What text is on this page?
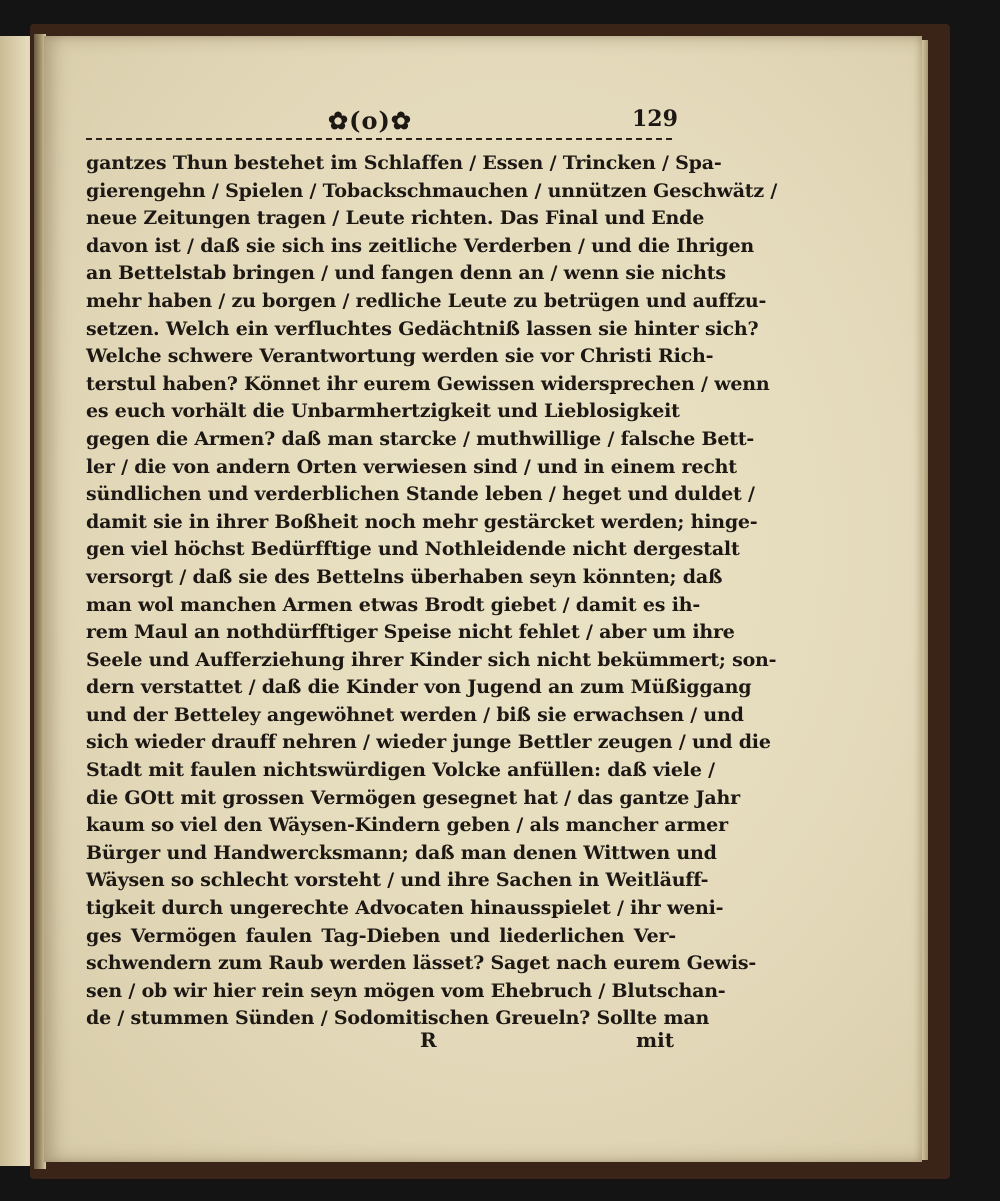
✿(o)✿	129
gantzes Thun bestehet im Schlaffen / Essen / Trincken / Spa-
gierengehn / Spielen / Tobackschmauchen / unnützen Geschwätz /
neue Zeitungen tragen / Leute richten. Das Final und Ende
davon ist / daß sie sich ins zeitliche Verderben / und die Ihrigen
an Bettelstab bringen / und fangen denn an / wenn sie nichts
mehr haben / zu borgen / redliche Leute zu betrügen und auffzu-
setzen. Welch ein verfluchtes Gedächtniß lassen sie hinter sich?
Welche schwere Verantwortung werden sie vor Christi Rich-
terstul haben? Könnet ihr eurem Gewissen widersprechen / wenn
es euch vorhält die Unbarmhertzigkeit und Lieblosigkeit
gegen die Armen? daß man starcke / muthwillige / falsche Bett-
ler / die von andern Orten verwiesen sind / und in einem recht
sündlichen und verderblichen Stande leben / heget und duldet /
damit sie in ihrer Boßheit noch mehr gestärcket werden; hinge-
gen viel höchst Bedürfftige und Nothleidende nicht dergestalt
versorgt / daß sie des Bettelns überhaben seyn könnten; daß
man wol manchen Armen etwas Brodt giebet / damit es ih-
rem Maul an nothdürfftiger Speise nicht fehlet / aber um ihre
Seele und Aufferziehung ihrer Kinder sich nicht bekümmert; son-
dern verstattet / daß die Kinder von Jugend an zum Müßiggang
und der Betteley angewöhnet werden / biß sie erwachsen / und
sich wieder drauff nehren / wieder junge Bettler zeugen / und die
Stadt mit faulen nichtswürdigen Volcke anfüllen: daß viele /
die GOtt mit grossen Vermögen gesegnet hat / das gantze Jahr
kaum so viel den Wäysen-Kindern geben / als mancher armer
Bürger und Handwercksmann; daß man denen Wittwen und
Wäysen so schlecht vorsteht / und ihre Sachen in Weitläuff-
tigkeit durch ungerechte Advocaten hinausspielet / ihr weni-
ges Vermögen faulen Tag-Dieben und liederlichen Ver-
schwendern zum Raub werden lässet? Saget nach eurem Gewis-
sen / ob wir hier rein seyn mögen vom Ehebruch / Blutschan-
de / stummen Sünden / Sodomitischen Greueln? Sollte man
R	mit
